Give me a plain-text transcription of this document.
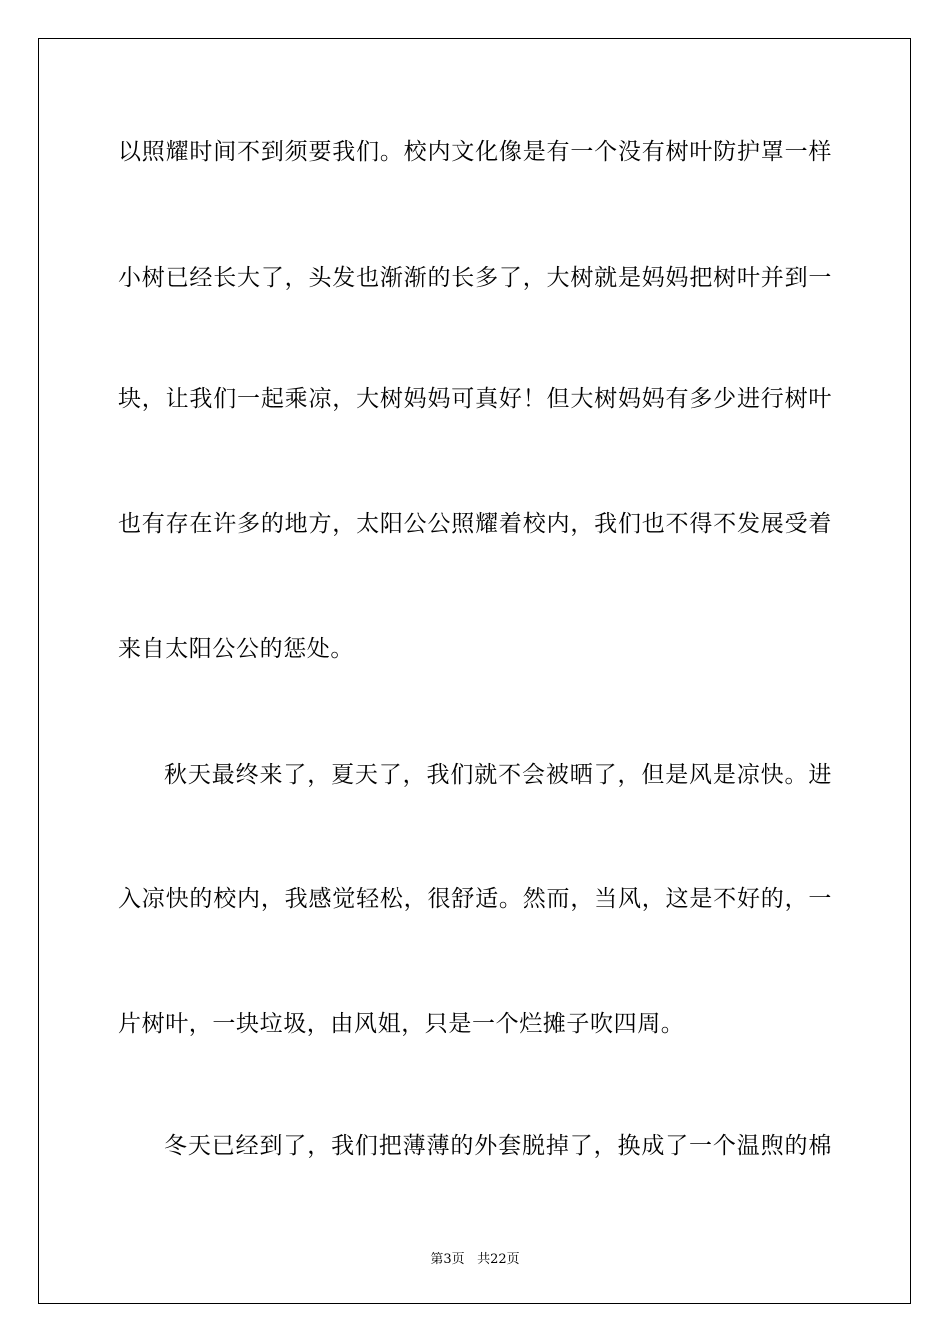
以照耀时间不到须要我们。校内文化像是有一个没有树叶防护罩一样
小树已经长大了，头发也渐渐的长多了，大树就是妈妈把树叶并到一
块，让我们一起乘凉，大树妈妈可真好！但大树妈妈有多少进行树叶
也有存在许多的地方，太阳公公照耀着校内，我们也不得不发展受着
来自太阳公公的惩处。
秋天最终来了，夏天了，我们就不会被晒了，但是风是凉快。进
入凉快的校内，我感觉轻松，很舒适。然而，当风，这是不好的，一
片树叶，一块垃圾，由风姐，只是一个烂摊子吹四周。
冬天已经到了，我们把薄薄的外套脱掉了，换成了一个温煦的棉
第3页 共22页
